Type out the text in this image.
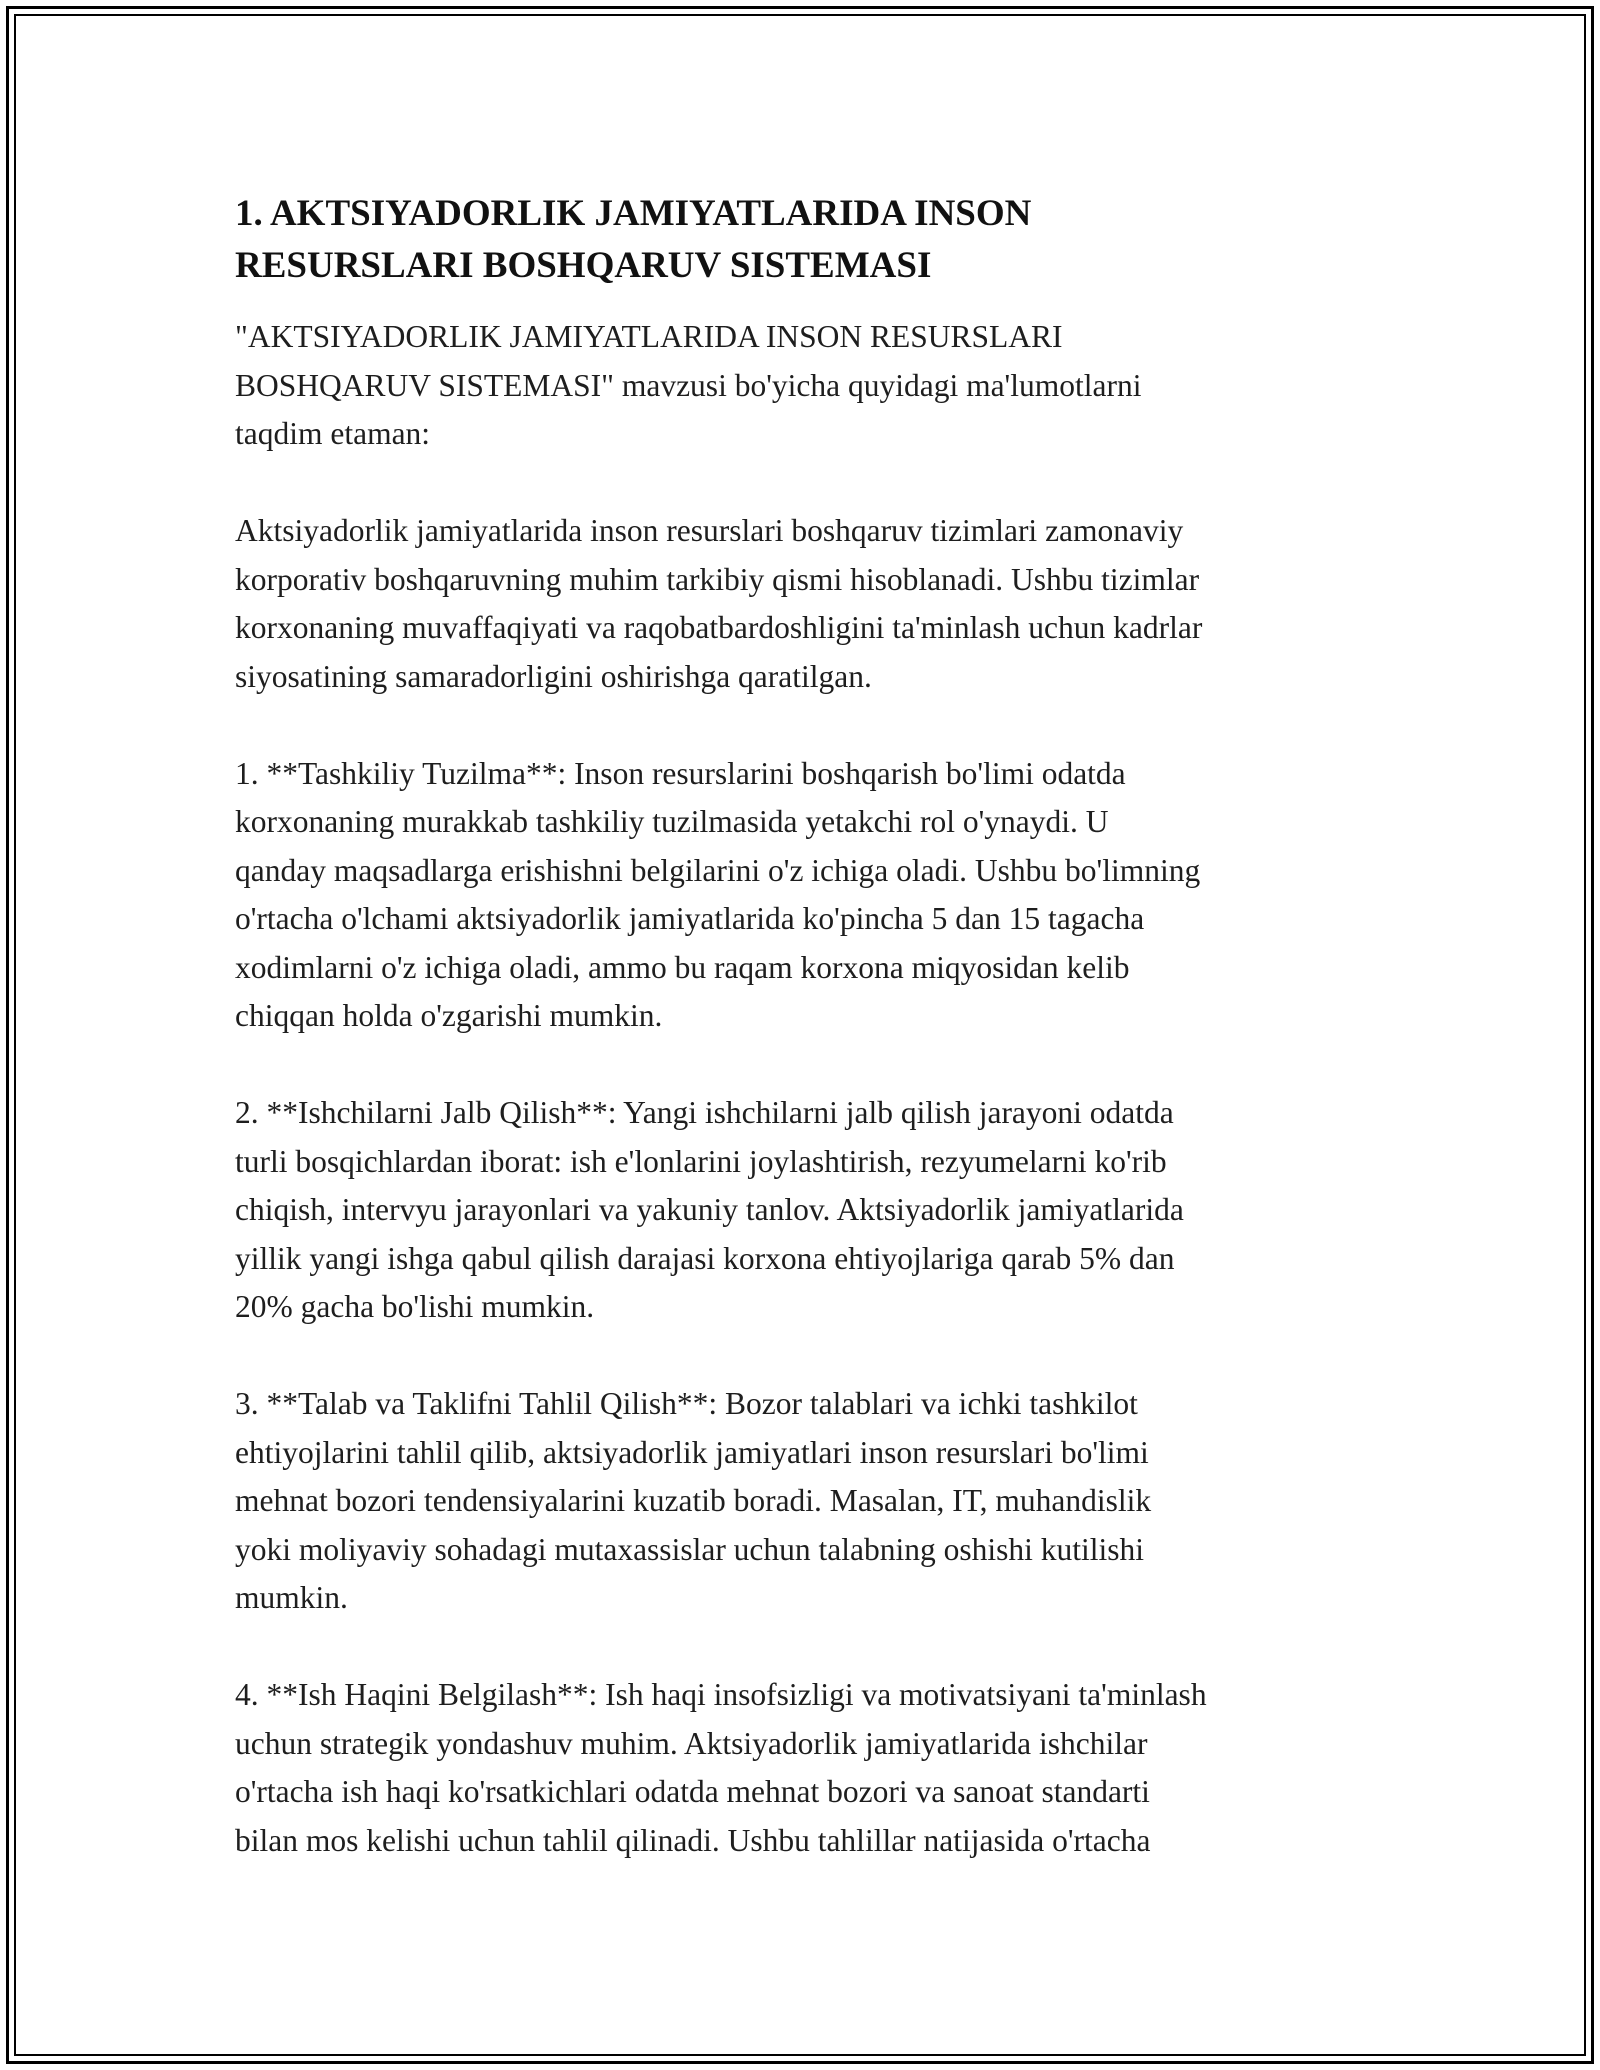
1. AKTSIYADORLIK JAMIYATLARIDA INSON
RESURSLARI BOSHQARUV SISTEMASI

"AKTSIYADORLIK JAMIYATLARIDA INSON RESURSLARI
BOSHQARUV SISTEMASI" mavzusi bo'yicha quyidagi ma'lumotlarni
taqdim etaman:

Aktsiyadorlik jamiyatlarida inson resurslari boshqaruv tizimlari zamonaviy
korporativ boshqaruvning muhim tarkibiy qismi hisoblanadi. Ushbu tizimlar
korxonaning muvaffaqiyati va raqobatbardoshligini ta'minlash uchun kadrlar
siyosatining samaradorligini oshirishga qaratilgan.

1. **Tashkiliy Tuzilma**: Inson resurslarini boshqarish bo'limi odatda
korxonaning murakkab tashkiliy tuzilmasida yetakchi rol o'ynaydi. U
qanday maqsadlarga erishishni belgilarini o'z ichiga oladi. Ushbu bo'limning
o'rtacha o'lchami aktsiyadorlik jamiyatlarida ko'pincha 5 dan 15 tagacha
xodimlarni o'z ichiga oladi, ammo bu raqam korxona miqyosidan kelib
chiqqan holda o'zgarishi mumkin.

2. **Ishchilarni Jalb Qilish**: Yangi ishchilarni jalb qilish jarayoni odatda
turli bosqichlardan iborat: ish e'lonlarini joylashtirish, rezyumelarni ko'rib
chiqish, intervyu jarayonlari va yakuniy tanlov. Aktsiyadorlik jamiyatlarida
yillik yangi ishga qabul qilish darajasi korxona ehtiyojlariga qarab 5% dan
20% gacha bo'lishi mumkin.

3. **Talab va Taklifni Tahlil Qilish**: Bozor talablari va ichki tashkilot
ehtiyojlarini tahlil qilib, aktsiyadorlik jamiyatlari inson resurslari bo'limi
mehnat bozori tendensiyalarini kuzatib boradi. Masalan, IT, muhandislik
yoki moliyaviy sohadagi mutaxassislar uchun talabning oshishi kutilishi
mumkin.

4. **Ish Haqini Belgilash**: Ish haqi insofsizligi va motivatsiyani ta'minlash
uchun strategik yondashuv muhim. Aktsiyadorlik jamiyatlarida ishchilar
o'rtacha ish haqi ko'rsatkichlari odatda mehnat bozori va sanoat standarti
bilan mos kelishi uchun tahlil qilinadi. Ushbu tahlillar natijasida o'rtacha
